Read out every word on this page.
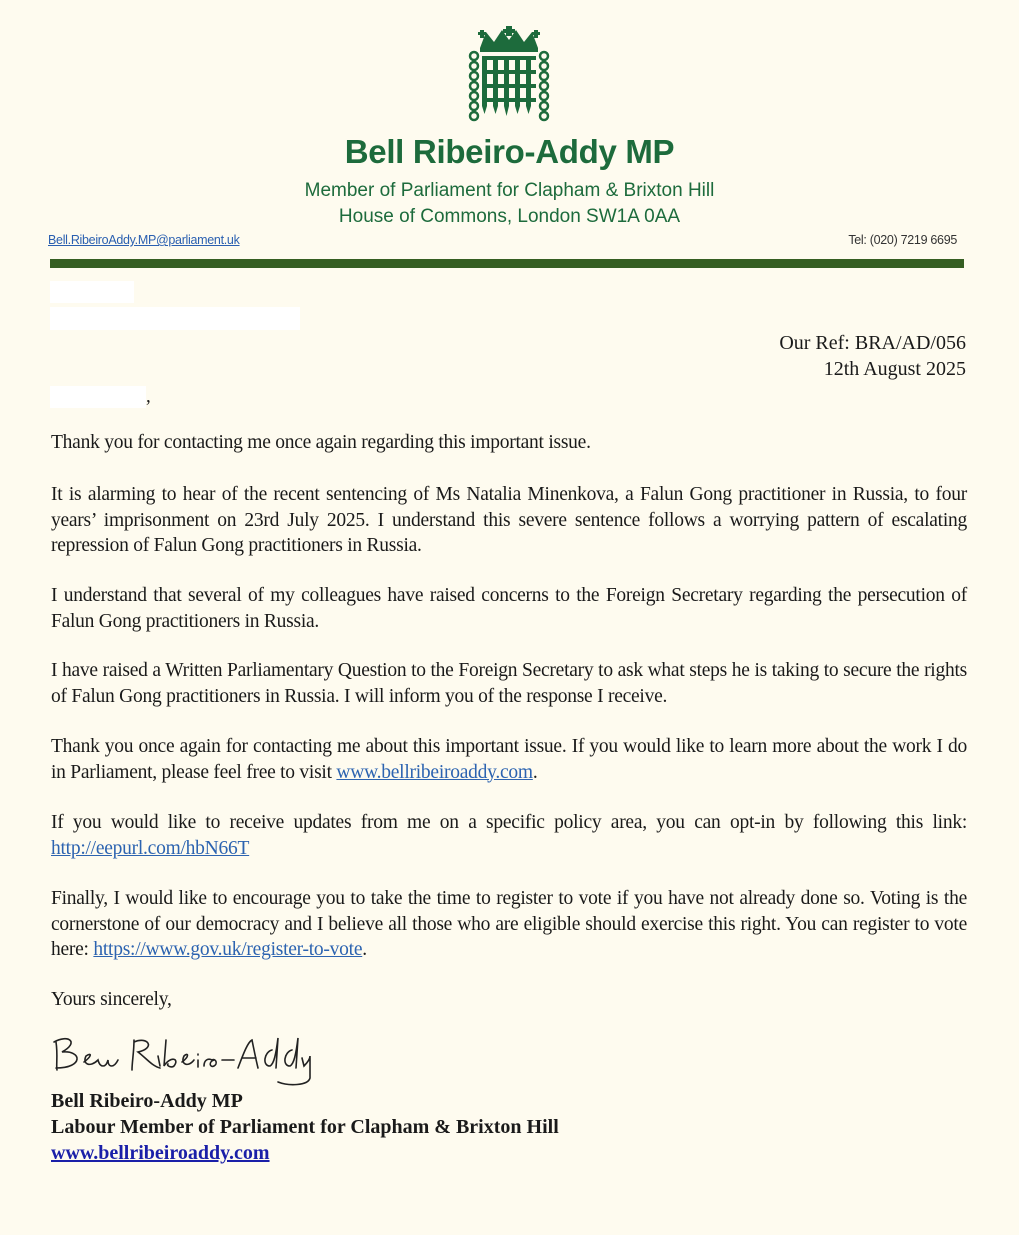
Bell Ribeiro-Addy MP
Member of Parliament for Clapham & Brixton Hill
House of Commons, London SW1A 0AA
Bell.RibeiroAddy.MP@parliament.uk	Tel: (020) 7219 6695
Our Ref: BRA/AD/056
12th August 2025
,
Thank you for contacting me once again regarding this important issue.
It is alarming to hear of the recent sentencing of Ms Natalia Minenkova, a Falun Gong practitioner in Russia, to four years’ imprisonment on 23rd July 2025. I understand this severe sentence follows a worrying pattern of escalating repression of Falun Gong practitioners in Russia.
I understand that several of my colleagues have raised concerns to the Foreign Secretary regarding the persecution of Falun Gong practitioners in Russia.
I have raised a Written Parliamentary Question to the Foreign Secretary to ask what steps he is taking to secure the rights of Falun Gong practitioners in Russia. I will inform you of the response I receive.
Thank you once again for contacting me about this important issue. If you would like to learn more about the work I do in Parliament, please feel free to visit www.bellribeiroaddy.com.
If you would like to receive updates from me on a specific policy area, you can opt-in by following this link: http://eepurl.com/hbN66T
Finally, I would like to encourage you to take the time to register to vote if you have not already done so. Voting is the cornerstone of our democracy and I believe all those who are eligible should exercise this right. You can register to vote here: https://www.gov.uk/register-to-vote.
Yours sincerely,
Bell Ribeiro-Addy MP
Labour Member of Parliament for Clapham & Brixton Hill
www.bellribeiroaddy.com
